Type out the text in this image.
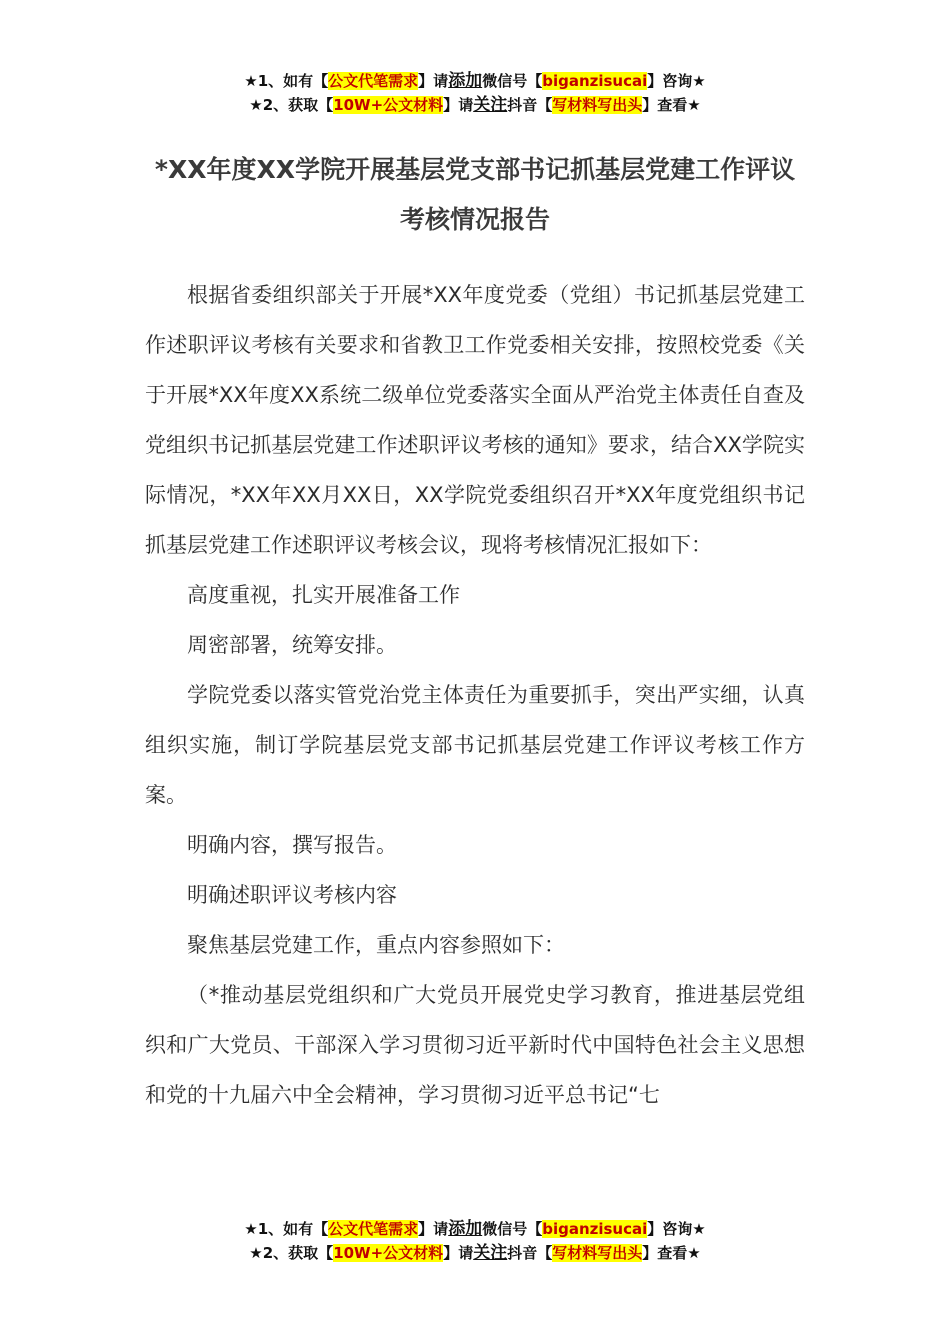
★1、如有【公文代笔需求】请添加微信号【biganzisucai】咨询★
★2、获取【10W+公文材料】请关注抖音【写材料写出头】查看★
*XX年度XX学院开展基层党支部书记抓基层党建工作评议考核情况报告

根据省委组织部关于开展*XX年度党委（党组）书记抓基层党建工作述职评议考核有关要求和省教卫工作党委相关安排，按照校党委《关于开展*XX年度XX系统二级单位党委落实全面从严治党主体责任自查及党组织书记抓基层党建工作述职评议考核的通知》要求，结合XX学院实际情况，*XX年XX月XX日，XX学院党委组织召开*XX年度党组织书记抓基层党建工作述职评议考核会议，现将考核情况汇报如下：

高度重视，扎实开展准备工作

周密部署，统筹安排。

学院党委以落实管党治党主体责任为重要抓手，突出严实细，认真组织实施，制订学院基层党支部书记抓基层党建工作评议考核工作方案。

明确内容，撰写报告。

明确述职评议考核内容

聚焦基层党建工作，重点内容参照如下：

（*推动基层党组织和广大党员开展党史学习教育，推进基层党组织和广大党员、干部深入学习贯彻习近平新时代中国特色社会主义思想和党的十九届六中全会精神，学习贯彻习近平总书记“七

★1、如有【公文代笔需求】请添加微信号【biganzisucai】咨询★
★2、获取【10W+公文材料】请关注抖音【写材料写出头】查看★
